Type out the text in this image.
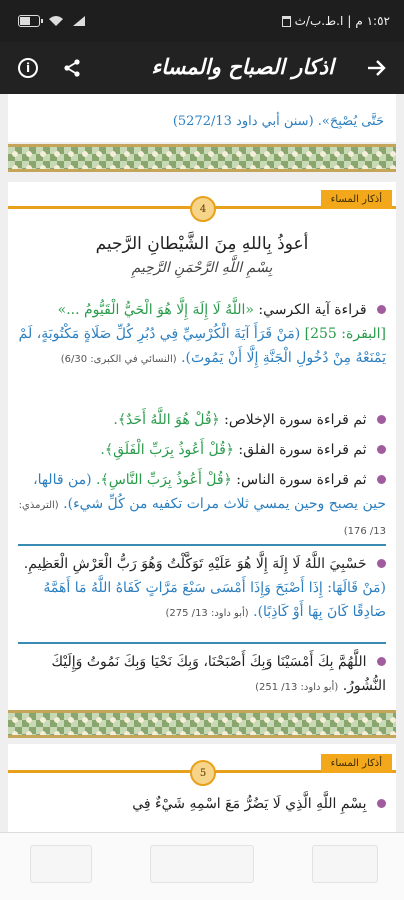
١:٥٢ م
|
ا.ط.ب/ث
i	اذكار الصباح والمساء
حَتَّى يُصْبِحَ». (سنن أبي داود 5272/13)
أذكار المساء
4
أعوذُ بِاللهِ مِنَ الشَّيْطانِ الرَّجيم
بِسْمِ اللَّهِ الرَّحْمَنِ الرَّحِيمِ
قراءة آية الكرسي: «اللَّهُ لَا إِلَهَ إِلَّا هُوَ الْحَيُّ الْقَيُّومُ ...» [البقرة: 255] (مَنْ قَرَأَ آيَةَ الْكُرْسِيِّ فِي دُبُرِ كُلِّ صَلَاةٍ مَكْتُوبَةٍ، لَمْ يَمْنَعْهُ مِنْ دُخُولِ الْجَنَّةِ إِلَّا أَنْ يَمُوتَ). (النسائي في الكبرى: 6/30)
ثم قراءة سورة الإخلاص: ﴿قُلْ هُوَ اللَّهُ أَحَدٌ﴾.
ثم قراءة سورة الفلق: ﴿قُلْ أَعُوذُ بِرَبِّ الْفَلَقِ﴾.
ثم قراءة سورة الناس: ﴿قُلْ أَعُوذُ بِرَبِّ النَّاسِ﴾. (من قالها، حين يصبح وحين يمسي ثلاث مرات تكفيه من كُلِّ شيء). (الترمذي: 13/ 176)
حَسْبِيَ اللَّهُ لَا إِلَهَ إِلَّا هُوَ عَلَيْهِ تَوَكَّلْتُ وَهُوَ رَبُّ الْعَرْشِ الْعَظِيمِ. (مَنْ قَالَهَا: إِذَا أَصْبَحَ وَإِذَا أَمْسَى سَبْعَ مَرَّاتٍ كَفَاهُ اللَّهُ مَا أَهَمَّهُ صَادِقًا كَانَ بِهَا أَوْ كَاذِبًا). (أبو داود: 13/ 275)
اللَّهُمَّ بِكَ أَمْسَيْنَا وَبِكَ أَصْبَحْنَا، وَبِكَ نَحْيَا وَبِكَ نَمُوتُ وَإِلَيْكَ النُّشُورُ. (أبو داود: 13/ 251)
أذكار المساء
5
بِسْمِ اللَّهِ الَّذِي لَا يَضُرُّ مَعَ اسْمِهِ شَيْءٌ فِي
